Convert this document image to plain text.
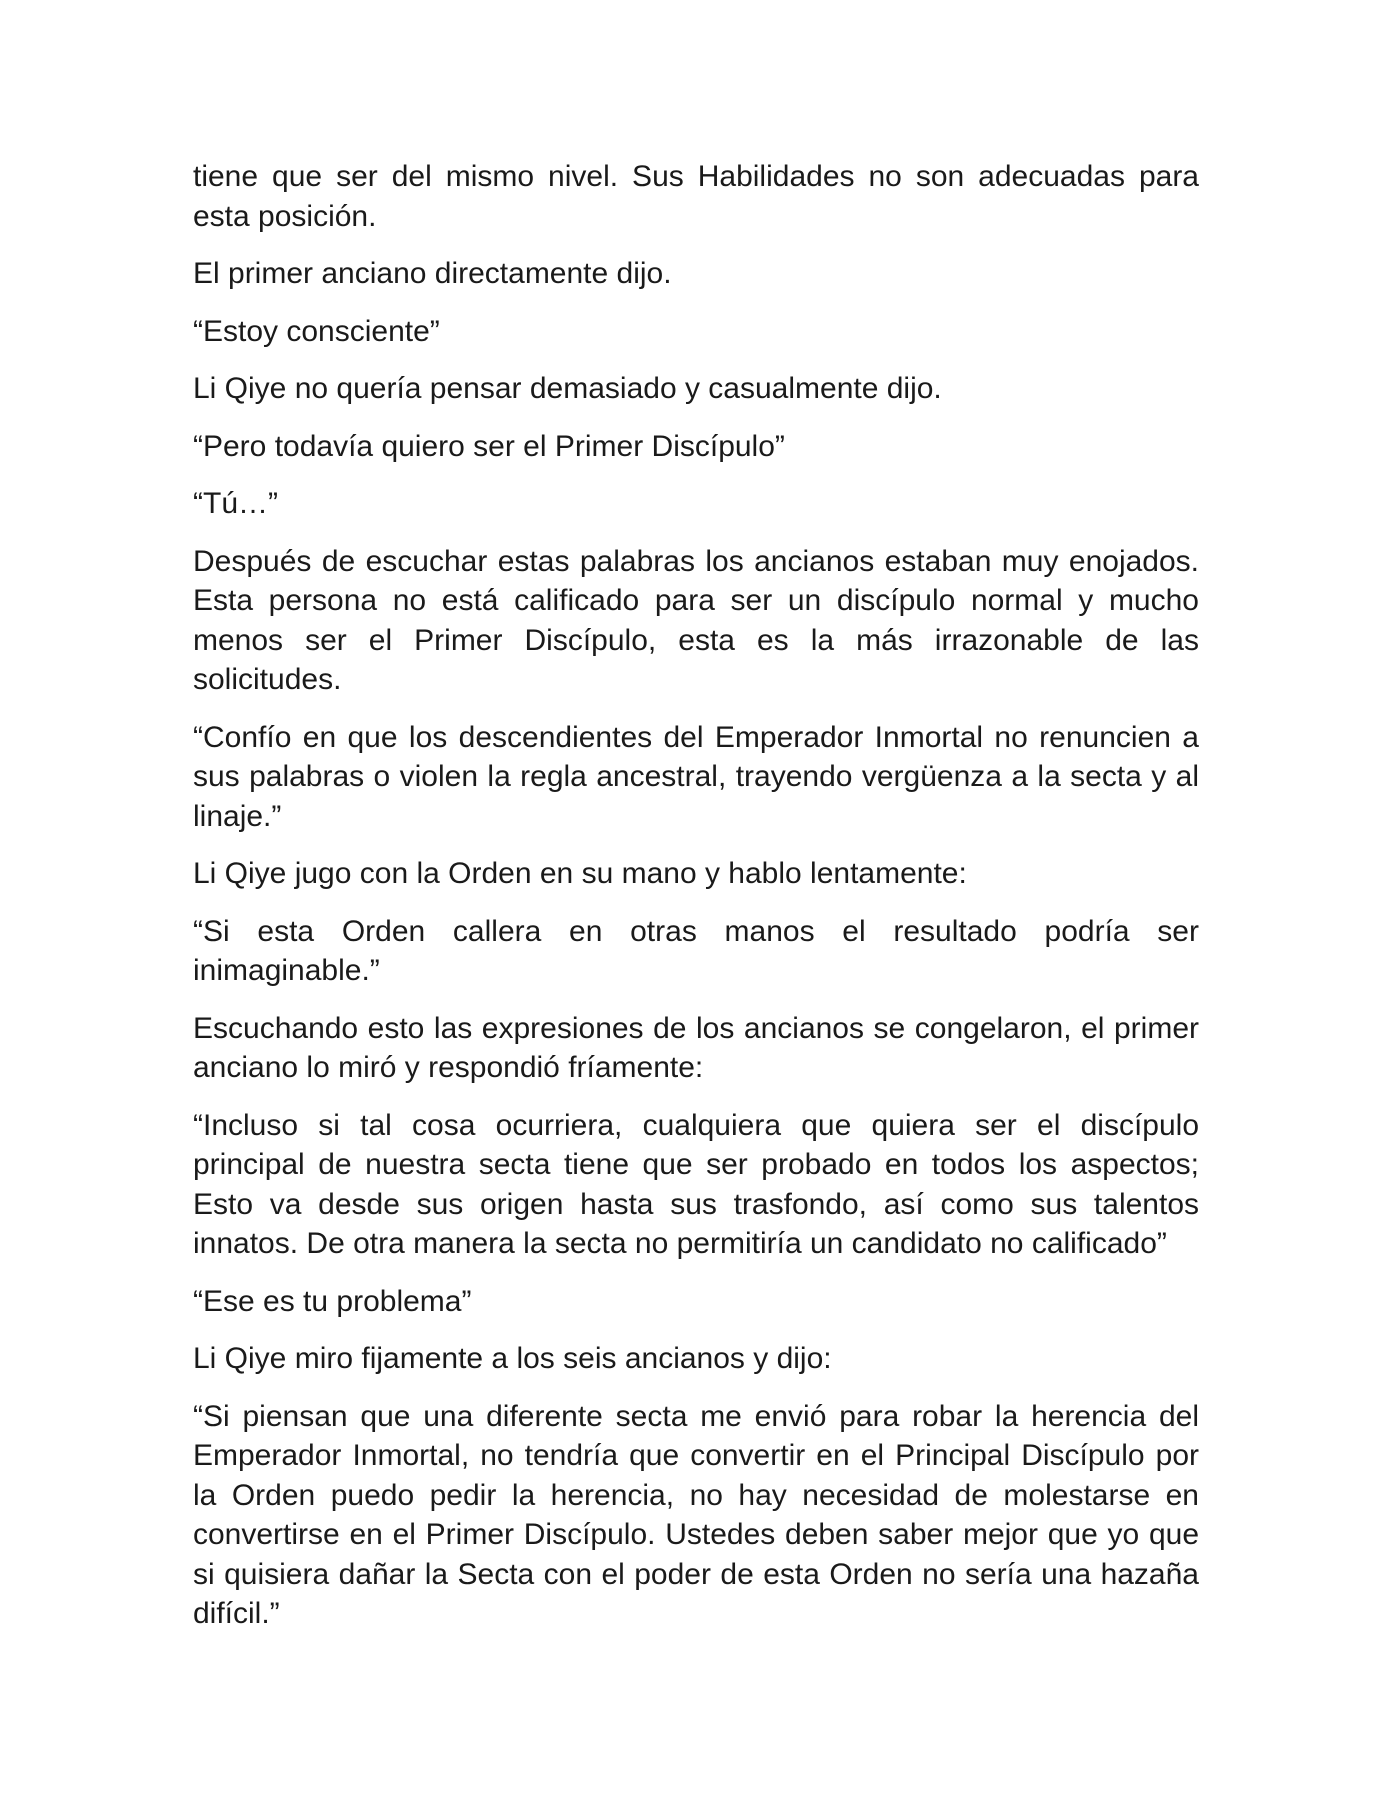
tiene que ser del mismo nivel. Sus Habilidades no son adecuadas para esta posición.

El primer anciano directamente dijo.

“Estoy consciente”

Li Qiye no quería pensar demasiado y casualmente dijo.

“Pero todavía quiero ser el Primer Discípulo”

“Tú…”

Después de escuchar estas palabras los ancianos estaban muy enojados. Esta persona no está calificado para ser un discípulo normal y mucho menos ser el Primer Discípulo, esta es la más irrazonable de las solicitudes.

“Confío en que los descendientes del Emperador Inmortal no renuncien a sus palabras o violen la regla ancestral, trayendo vergüenza a la secta y al linaje.”

Li Qiye jugo con la Orden en su mano y hablo lentamente:

“Si esta Orden callera en otras manos el resultado podría ser inimaginable.”

Escuchando esto las expresiones de los ancianos se congelaron, el primer anciano lo miró y respondió fríamente:

“Incluso si tal cosa ocurriera, cualquiera que quiera ser el discípulo principal de nuestra secta tiene que ser probado en todos los aspectos; Esto va desde sus origen hasta sus trasfondo, así como sus talentos innatos. De otra manera la secta no permitiría un candidato no calificado”

“Ese es tu problema”

Li Qiye miro fijamente a los seis ancianos y dijo:

“Si piensan que una diferente secta me envió para robar la herencia del Emperador Inmortal, no tendría que convertir en el Principal Discípulo por la Orden puedo pedir la herencia, no hay necesidad de molestarse en convertirse en el Primer Discípulo. Ustedes deben saber mejor que yo que si quisiera dañar la Secta con el poder de esta Orden no sería una hazaña difícil.”
